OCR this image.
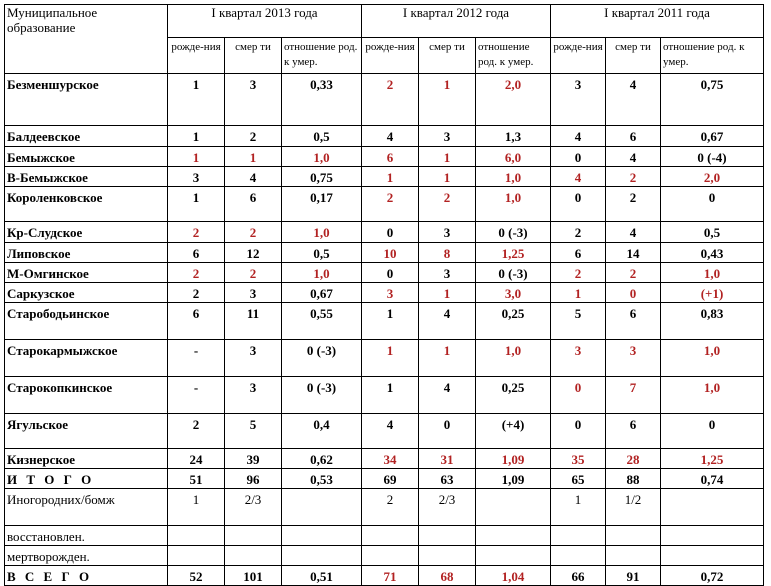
Муниципальное образование	I квартал 2013 года			I квартал 2012 года			I квартал 2011 года		
	рожде-ния	смер ти	отношение род. к умер.	рожде-ния	смер ти	отношение род. к умер.	рожде-ния	смер ти	отношение род. к умер.
Безменшурское	1	3	0,33	2	1	2,0	3	4	0,75
Балдеевское	1	2	0,5	4	3	1,3	4	6	0,67
Бемыжское	1	1	1,0	6	1	6,0	0	4	0 (-4)
В-Бемыжское	3	4	0,75	1	1	1,0	4	2	2,0
Короленковское	1	6	0,17	2	2	1,0	0	2	0
Кр-Слудское	2	2	1,0	0	3	0 (-3)	2	4	0,5
Липовское	6	12	0,5	10	8	1,25	6	14	0,43
М-Омгинское	2	2	1,0	0	3	0 (-3)	2	2	1,0
Саркузское	2	3	0,67	3	1	3,0	1	0	(+1)
Старободьинское	6	11	0,55	1	4	0,25	5	6	0,83
Старокармыжское	-	3	0 (-3)	1	1	1,0	3	3	1,0
Старокопкинское	-	3	0 (-3)	1	4	0,25	0	7	1,0
Ягульское	2	5	0,4	4	0	(+4)	0	6	0
Кизнерское	24	39	0,62	34	31	1,09	35	28	1,25
И Т О Г О	51	96	0,53	69	63	1,09	65	88	0,74
Иногородних/бомж	1	2/3		2	2/3		1	1/2	
восстановлен.									
мертворожден.									
В С Е Г О	52	101	0,51	71	68	1,04	66	91	0,72
